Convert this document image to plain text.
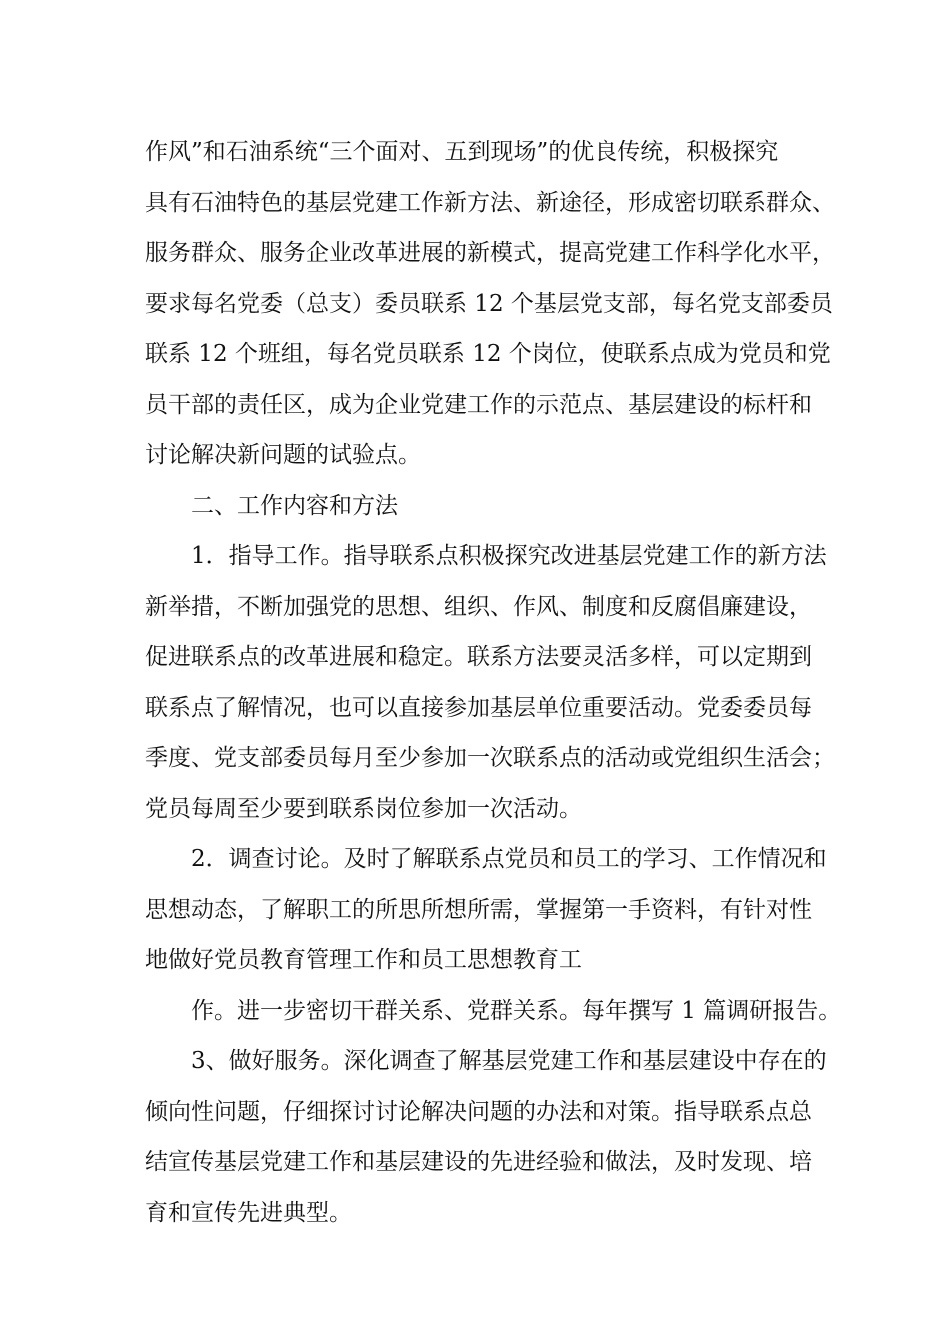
作风”和石油系统“三个面对、五到现场”的优良传统，积极探究
具有石油特色的基层党建工作新方法、新途径，形成密切联系群众、
服务群众、服务企业改革进展的新模式，提高党建工作科学化水平，
要求每名党委（总支）委员联系 12 个基层党支部，每名党支部委员
联系 12 个班组，每名党员联系 12 个岗位，使联系点成为党员和党
员干部的责任区，成为企业党建工作的示范点、基层建设的标杆和
讨论解决新问题的试验点。
二、工作内容和方法
1．指导工作。指导联系点积极探究改进基层党建工作的新方法
新举措，不断加强党的思想、组织、作风、制度和反腐倡廉建设，
促进联系点的改革进展和稳定。联系方法要灵活多样，可以定期到
联系点了解情况，也可以直接参加基层单位重要活动。党委委员每
季度、党支部委员每月至少参加一次联系点的活动或党组织生活会；
党员每周至少要到联系岗位参加一次活动。
2．调查讨论。及时了解联系点党员和员工的学习、工作情况和
思想动态，了解职工的所思所想所需，掌握第一手资料，有针对性
地做好党员教育管理工作和员工思想教育工
作。进一步密切干群关系、党群关系。每年撰写 1 篇调研报告。
3、做好服务。深化调查了解基层党建工作和基层建设中存在的
倾向性问题，仔细探讨讨论解决问题的办法和对策。指导联系点总
结宣传基层党建工作和基层建设的先进经验和做法，及时发现、培
育和宣传先进典型。
